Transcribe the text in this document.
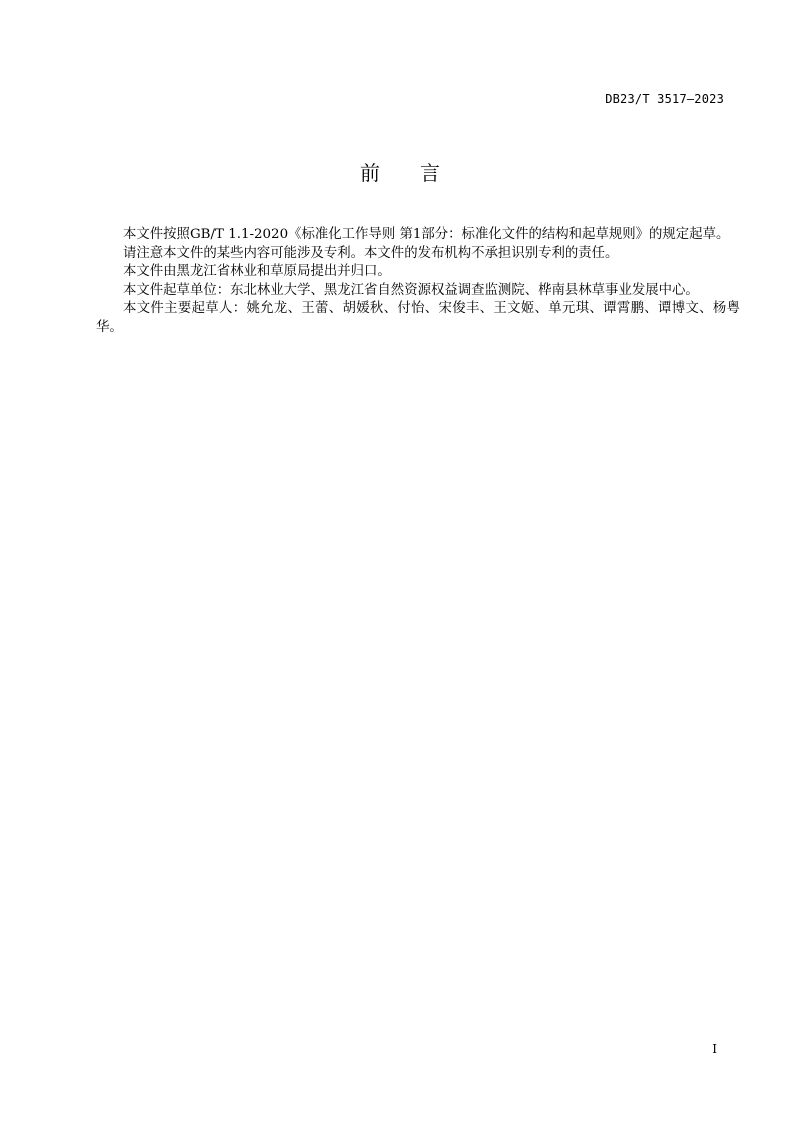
DB23/T 3517—2023
前 言

本文件按照GB/T 1.1-2020《标准化工作导则 第1部分：标准化文件的结构和起草规则》的规定起草。

请注意本文件的某些内容可能涉及专利。本文件的发布机构不承担识别专利的责任。

本文件由黑龙江省林业和草原局提出并归口。

本文件起草单位：东北林业大学、黑龙江省自然资源权益调查监测院、桦南县林草事业发展中心。

本文件主要起草人：姚允龙、王蕾、胡媛秋、付怡、宋俊丰、王文姬、单元琪、谭霄鹏、谭博文、杨粤华。

I
